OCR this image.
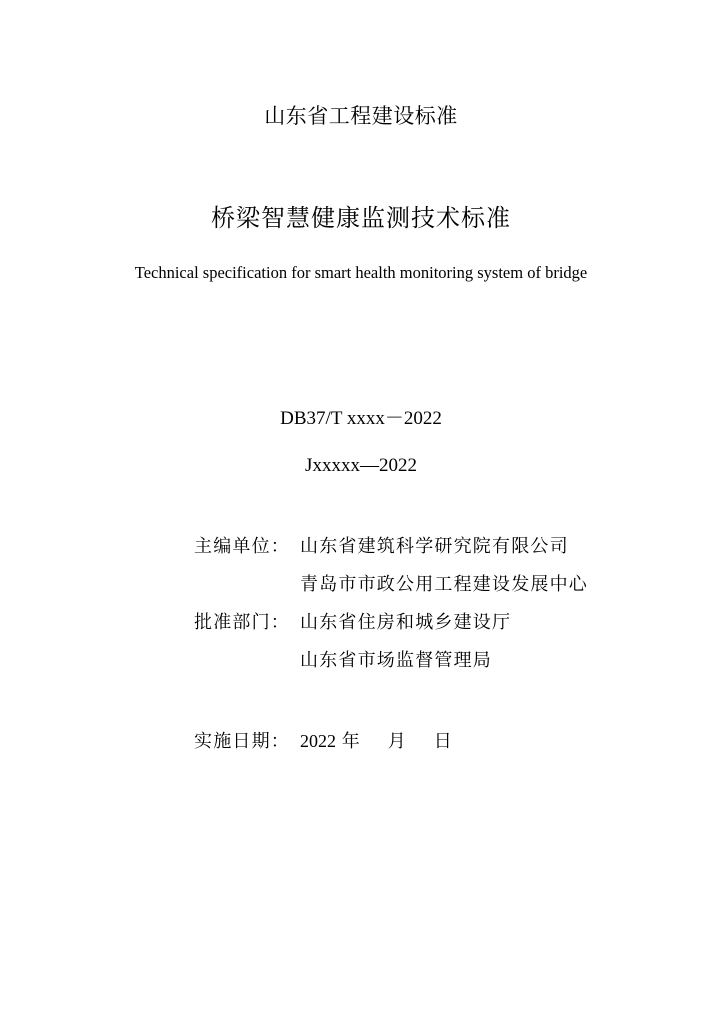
山东省工程建设标准
桥梁智慧健康监测技术标准
Technical specification for smart health monitoring system of bridge
DB37/T xxxx－2022
Jxxxxx—2022
主编单位： 山东省建筑科学研究院有限公司
青岛市市政公用工程建设发展中心
批准部门： 山东省住房和城乡建设厅
山东省市场监督管理局
实施日期： 2022 年 月 日
